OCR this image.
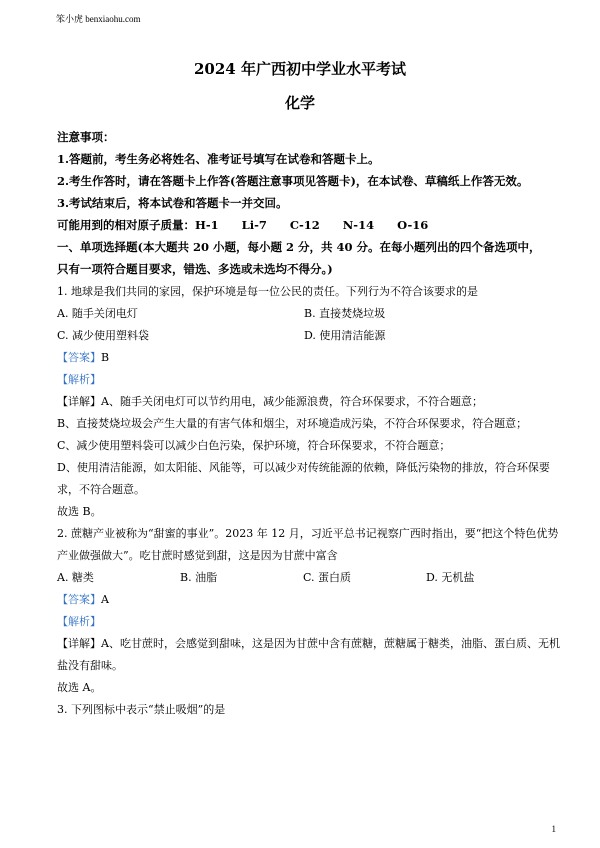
笨小虎 benxiaohu.com
2024 年广西初中学业水平考试
化学
注意事项：
1.答题前，考生务必将姓名、准考证号填写在试卷和答题卡上。
2.考生作答时，请在答题卡上作答(答题注意事项见答题卡)，在本试卷、草稿纸上作答无效。
3.考试结束后，将本试卷和答题卡一并交回。
可能用到的相对原子质量：H-1　　Li-7　　C-12　　N-14　　O-16
一、单项选择题(本大题共 20 小题，每小题 2 分，共 40 分。在每小题列出的四个备选项中，
只有一项符合题目要求，错选、多选或未选均不得分。)
1. 地球是我们共同的家园，保护环境是每一位公民的责任。下列行为不符合该要求的是
A. 随手关闭电灯	B. 直接焚烧垃圾
C. 减少使用塑料袋	D. 使用清洁能源
【答案】B
【解析】
【详解】A、随手关闭电灯可以节约用电，减少能源浪费，符合环保要求，不符合题意；
B、直接焚烧垃圾会产生大量的有害气体和烟尘，对环境造成污染，不符合环保要求，符合题意；
C、减少使用塑料袋可以减少白色污染，保护环境，符合环保要求，不符合题意；
D、使用清洁能源，如太阳能、风能等，可以减少对传统能源的依赖，降低污染物的排放，符合环保要
求，不符合题意。
故选 B。
2. 蔗糖产业被称为“甜蜜的事业”。2023 年 12 月，习近平总书记视察广西时指出，要“把这个特色优势
产业做强做大”。吃甘蔗时感觉到甜，这是因为甘蔗中富含
A. 糖类	B. 油脂	C. 蛋白质	D. 无机盐
【答案】A
【解析】
【详解】A、吃甘蔗时，会感觉到甜味，这是因为甘蔗中含有蔗糖，蔗糖属于糖类，油脂、蛋白质、无机
盐没有甜味。
故选 A。
3. 下列图标中表示“禁止吸烟”的是
1
